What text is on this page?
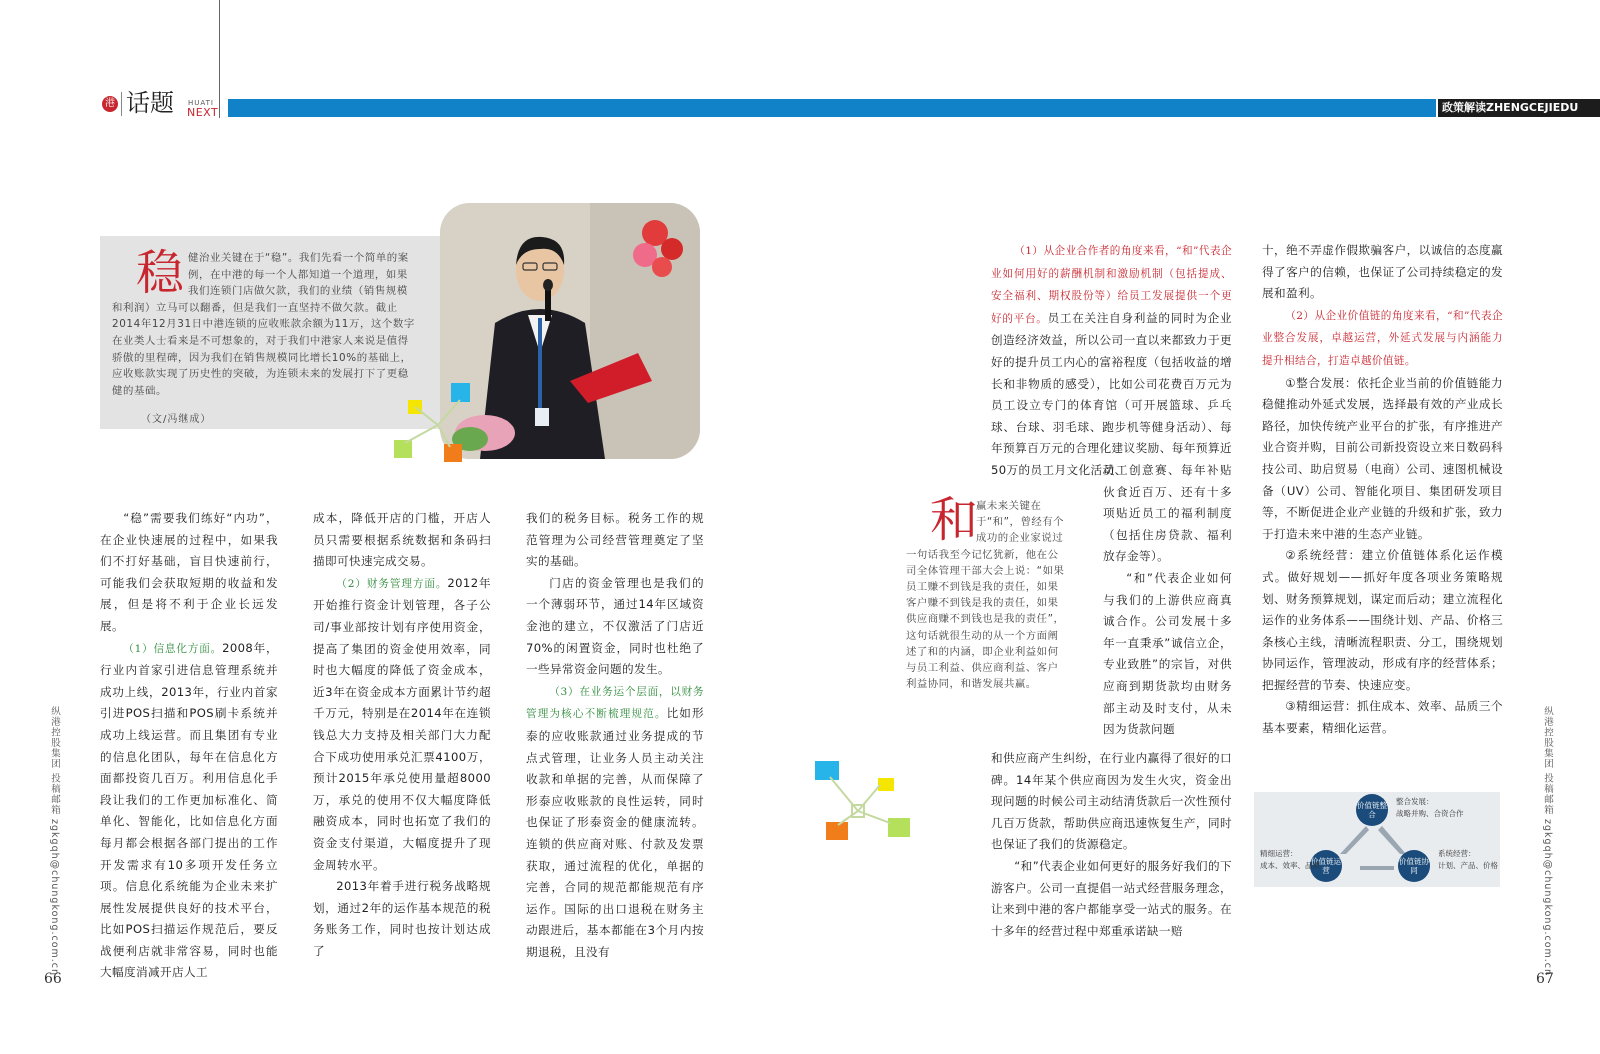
港 话题 HUATI
NEXT	政策解读ZHENGCEJIEDU
健治业关键在于“稳”。我们先看一个简单的案例，在中港的每一个人都知道一个道理，如果我们连锁门店做欠款，我们的业绩（销售规模和利润）立马可以翻番，但是我们一直坚持不做欠款。截止2014年12月31日中港连锁的应收账款余额为11万，这个数字在业类人士看来是不可想象的，对于我们中港家人来说是值得骄傲的里程碑，因为我们在销售规模同比增长10%的基础上，应收账款实现了历史性的突破，为连锁未来的发展打下了更稳健的基础。
稳
（文/冯继成）

“稳”需要我们练好“内功”，在企业快速展的过程中，如果我们不打好基础，盲目快速前行，可能我们会获取短期的收益和发展，但是将不利于企业长远发展。

（1）信息化方面。2008年，行业内首家引进信息管理系统并成功上线，2013年，行业内首家引进POS扫描和POS刷卡系统并成功上线运营。而且集团有专业的信息化团队，每年在信息化方面都投资几百万。利用信息化手段让我们的工作更加标准化、简单化、智能化，比如信息化方面每月都会根据各部门提出的工作开发需求有10多项开发任务立项。信息化系统能为企业未来扩展性发展提供良好的技术平台，比如POS扫描运作规范后，要反战便利店就非常容易，同时也能大幅度消减开店人工

成本，降低开店的门槛，开店人员只需要根据系统数据和条码扫描即可快速完成交易。

（2）财务管理方面。2012年开始推行资金计划管理，各子公司/事业部按计划有序使用资金，提高了集团的资金使用效率，同时也大幅度的降低了资金成本，近3年在资金成本方面累计节约超千万元，特别是在2014年在连锁钱总大力支持及相关部门大力配合下成功使用承兑汇票4100万，预计2015年承兑使用量超8000万，承兑的使用不仅大幅度降低融资成本，同时也拓宽了我们的资金支付渠道，大幅度提升了现金周转水平。

2013年着手进行税务战略规划，通过2年的运作基本规范的税务账务工作，同时也按计划达成了

我们的税务目标。税务工作的规范管理为公司经营管理奠定了坚实的基础。

门店的资金管理也是我们的一个薄弱环节，通过14年区域资金池的建立，不仅激活了门店近70%的闲置资金，同时也杜绝了一些异常资金问题的发生。

（3）在业务运个层面，以财务管理为核心不断梳理规范。比如形泰的应收账款通过业务提成的节点式管理，让业务人员主动关注收款和单据的完善，从而保障了形泰应收账款的良性运转，同时也保证了形泰资金的健康流转。连锁的供应商对账、付款及发票获取，通过流程的优化，单据的完善，合同的规范都能规范有序运作。国际的出口退税在财务主动跟进后，基本都能在3个月内按期退税，且没有

（1）从企业合作者的角度来看，“和”代表企业如何用好的薪酬机制和激励机制（包括提成、安全福利、期权股份等）给员工发展提供一个更好的平台。员工在关注自身利益的同时为企业创造经济效益，所以公司一直以来都致力于更好的提升员工内心的富裕程度（包括收益的增长和非物质的感受），比如公司花费百万元为员工设立专门的体育馆（可开展篮球、乒乓球、台球、羽毛球、跑步机等健身活动）、每年预算百万元的合理化建议奖励、每年预算近50万的员工月文化活动、

员工创意赛、每年补贴伙食近百万、还有十多项贴近员工的福利制度（包括住房贷款、福利放存金等）。

“和”代表企业如何与我们的上游供应商真诚合作。公司发展十多年一直秉承”诚信立企，专业致胜”的宗旨，对供应商到期货款均由财务部主动及时支付，从未因为货款问题

和供应商产生纠纷，在行业内赢得了很好的口碑。14年某个供应商因为发生火灾，资金出现问题的时候公司主动结清货款后一次性预付几百万货款，帮助供应商迅速恢复生产，同时也保证了我们的货源稳定。

“和”代表企业如何更好的服务好我们的下游客户。公司一直提倡一站式经营服务理念，让来到中港的客户都能享受一站式的服务。在十多年的经营过程中郑重承诺缺一赔

赢未来关键在于“和”，曾经有个成功的企业家说过一句话我至今记忆犹新，他在公司全体管理干部大会上说：“如果员工赚不到钱是我的责任，如果客户赚不到钱是我的责任，如果供应商赚不到钱也是我的责任”，这句话就很生动的从一个方面阐述了和的内涵，即企业利益如何与员工利益、供应商利益、客户利益协同，和谐发展共赢。
和

十，绝不弄虚作假欺骗客户，以诚信的态度赢得了客户的信赖，也保证了公司持续稳定的发展和盈利。

（2）从企业价值链的角度来看，“和”代表企业整合发展，卓越运营，外延式发展与内涵能力提升相结合，打造卓越价值链。

①整合发展：依托企业当前的价值链能力稳健推动外延式发展，选择最有效的产业成长路径，加快传统产业平台的扩张，有序推进产业合资并购，目前公司新投资设立来日数码科技公司、助启贸易（电商）公司、速图机械设备（UV）公司、智能化项目、集团研发项目等，不断促进企业产业链的升级和扩张，致力于打造未来中港的生态产业链。

②系统经营：建立价值链体系化运作模式。做好规划——抓好年度各项业务策略规划、财务预算规划，谋定而后动；建立流程化运作的业务体系——围绕计划、产品、价格三条核心主线，清晰流程职责、分工，围绕规划协同运作，管理波动，形成有序的经营体系；把握经营的节奏、快速应变。

③精细运营：抓住成本、效率、品质三个基本要素，精细化运营。

价值链整合
价值链运营
价值链协同
整合发展：
战略并购、合资合作
精细运营：
成本、效率、品质
系统经营：
计划、产品、价格
纵港控股集团 投稿邮箱 zgkgqh@chungkong.com.cn	纵港控股集团 投稿邮箱 zgkgqh@chungkong.com.cn
66	67
